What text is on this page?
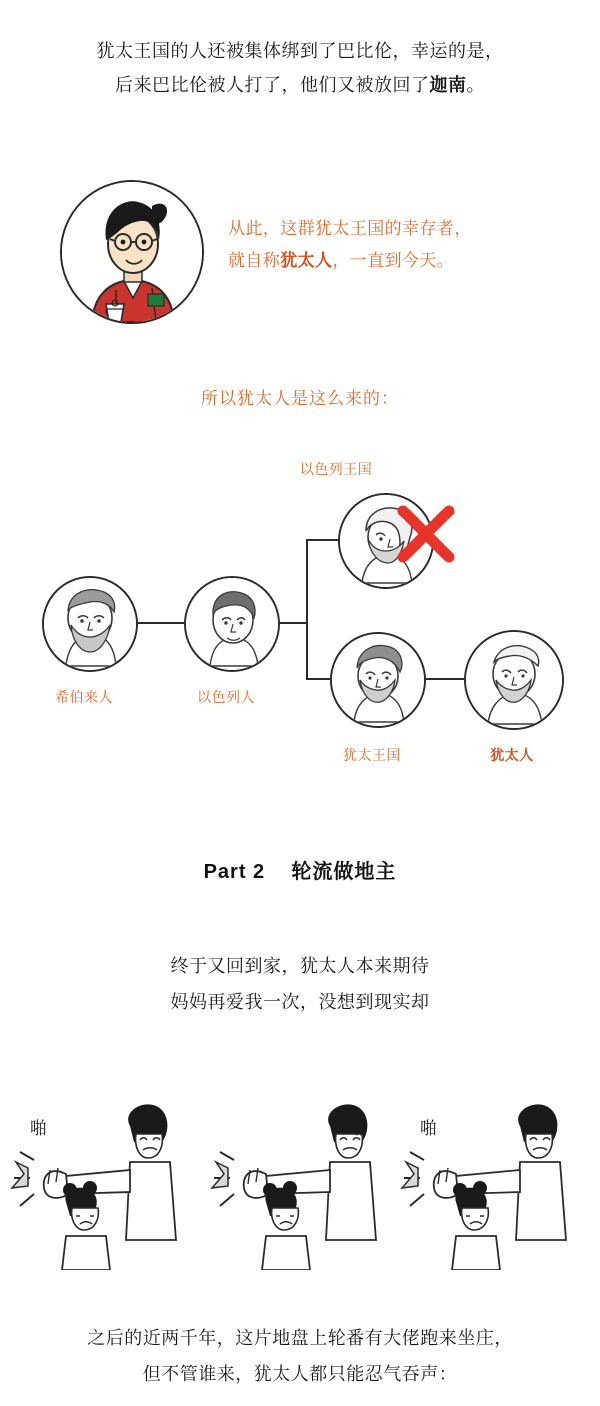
犹太王国的人还被集体绑到了巴比伦，幸运的是，
后来巴比伦被人打了，他们又被放回了迦南。
从此，这群犹太王国的幸存者，
就自称犹太人，一直到今天。
所以犹太人是这么来的：
希伯来人	以色列人
以色列王国
犹太王国	犹太人
Part 2 轮流做地主
终于又回到家，犹太人本来期待
妈妈再爱我一次，没想到现实却
啪	啪	啪
之后的近两千年，这片地盘上轮番有大佬跑来坐庄，
但不管谁来，犹太人都只能忍气吞声：
